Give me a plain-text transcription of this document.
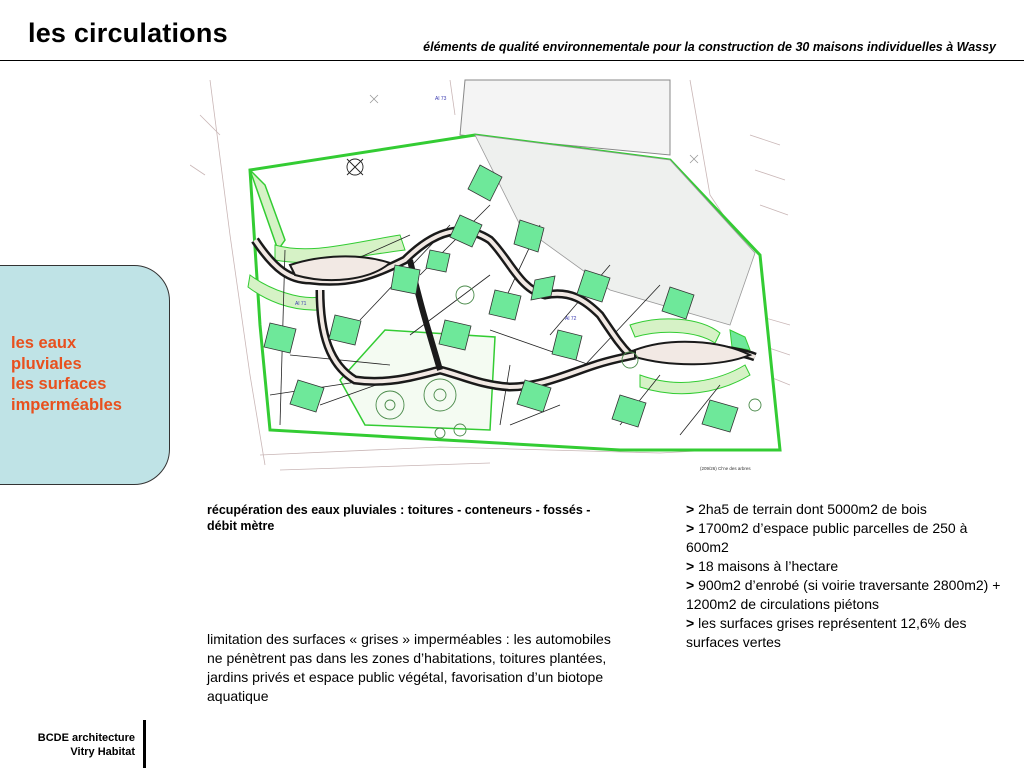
les circulations	éléments de qualité environnementale pour la construction de 30 maisons individuelles à Wassy
les eaux
pluviales
les surfaces
imperméables
Al 73
Al 72
Al 71
(209/26) Cl'ne des arbres
récupération des eaux pluviales : toitures - conteneurs - fossés - débit mètre
limitation des surfaces « grises » imperméables : les automobiles ne pénètrent pas dans les zones d’habitations, toitures plantées, jardins privés et espace public végétal, favorisation d’un biotope aquatique
> 2ha5 de terrain dont 5000m2 de bois
> 1700m2 d’espace public parcelles de 250 à 600m2
> 18 maisons à l’hectare
> 900m2 d’enrobé (si voirie traversante 2800m2) + 1200m2 de circulations piétons
> les surfaces grises représentent 12,6% des surfaces vertes
BCDE architecture
Vitry Habitat
